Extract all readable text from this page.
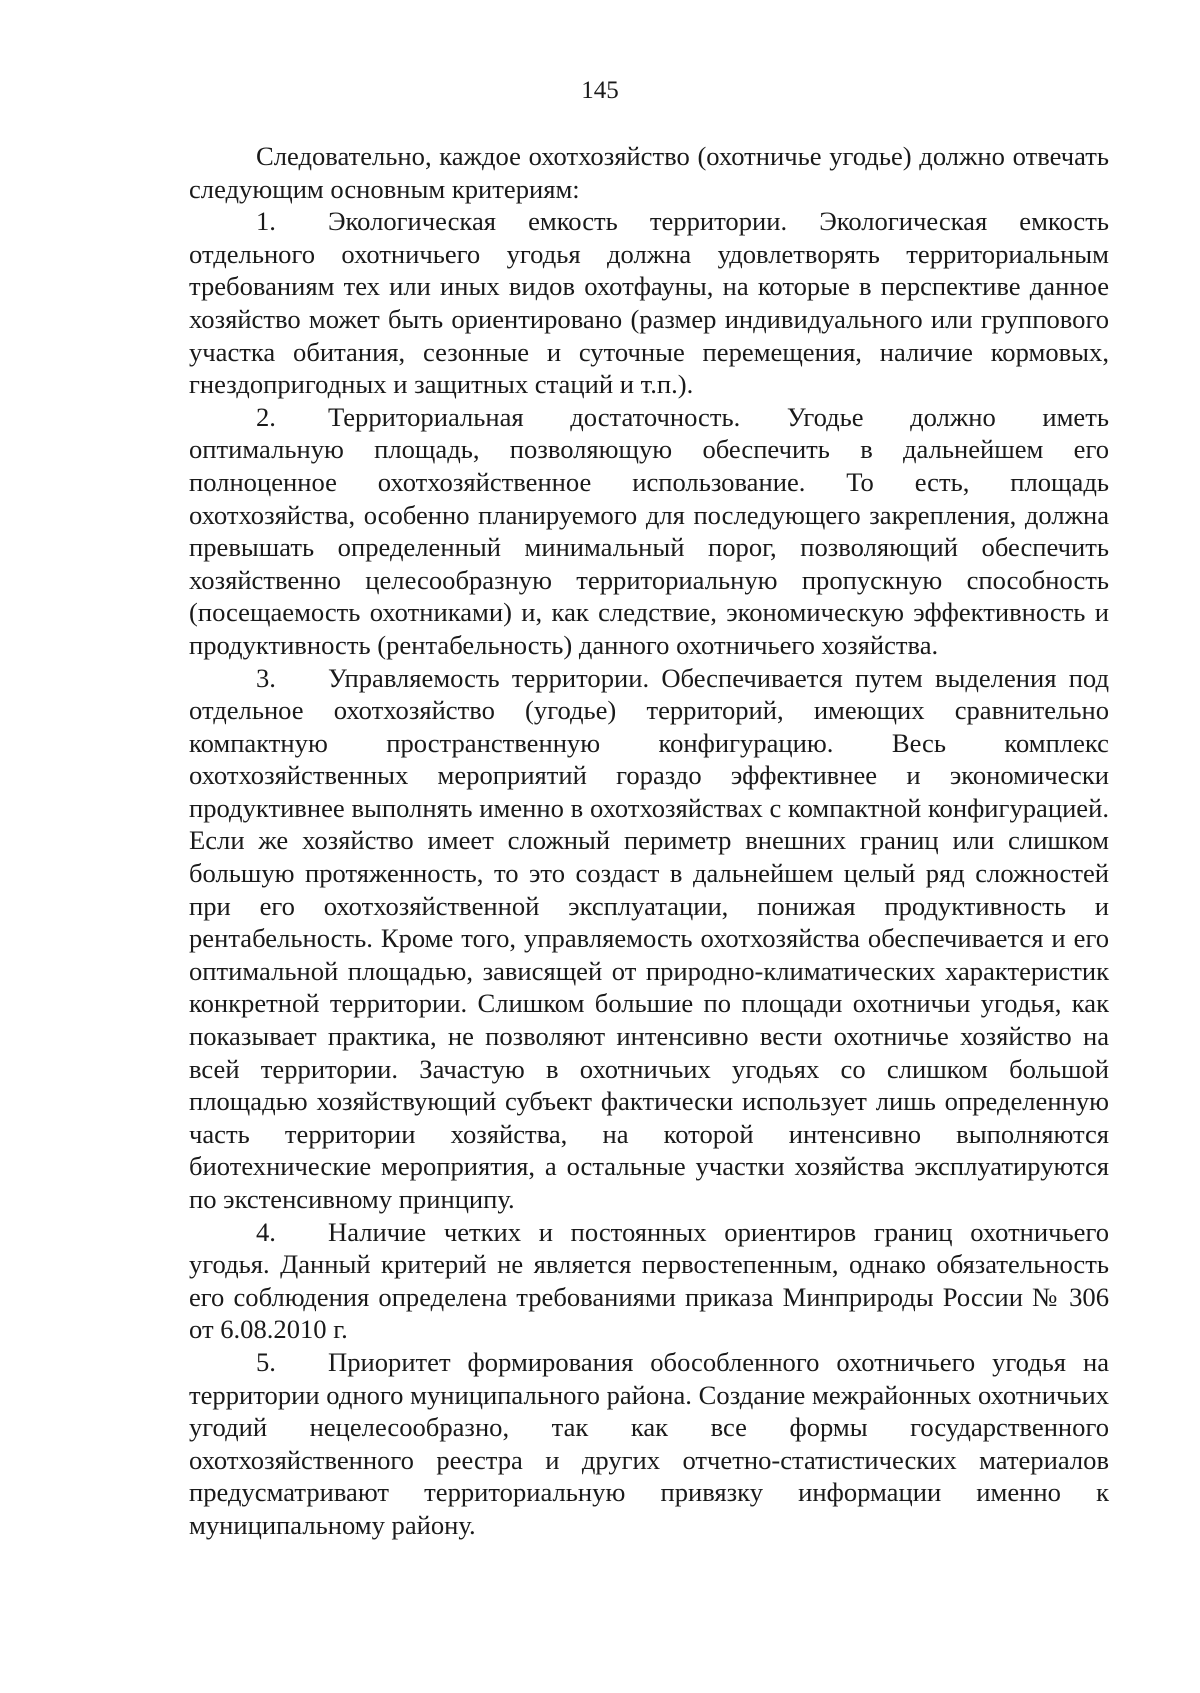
145

Следовательно, каждое охотхозяйство (охотничье угодье) должно отвечать следующим основным критериям:

1. Экологическая емкость территории. Экологическая емкость отдельного охотничьего угодья должна удовлетворять территориальным требованиям тех или иных видов охотфауны, на которые в перспективе данное хозяйство может быть ориентировано (размер индивидуального или группового участка обитания, сезонные и суточные перемещения, наличие кормовых, гнездопригодных и защитных стаций и т.п.).

2. Территориальная достаточность. Угодье должно иметь оптимальную площадь, позволяющую обеспечить в дальнейшем его полноценное охотхозяйственное использование. То есть, площадь охотхозяйства, особенно планируемого для последующего закрепления, должна превышать определенный минимальный порог, позволяющий обеспечить хозяйственно целесообразную территориальную пропускную способность (посещаемость охотниками) и, как следствие, экономическую эффективность и продуктивность (рентабельность) данного охотничьего хозяйства.

3. Управляемость территории. Обеспечивается путем выделения под отдельное охотхозяйство (угодье) территорий, имеющих сравнительно компактную пространственную конфигурацию. Весь комплекс охотхозяйственных мероприятий гораздо эффективнее и экономически продуктивнее выполнять именно в охотхозяйствах с компактной конфигурацией. Если же хозяйство имеет сложный периметр внешних границ или слишком большую протяженность, то это создаст в дальнейшем целый ряд сложностей при его охотхозяйственной эксплуатации, понижая продуктивность и рентабельность. Кроме того, управляемость охотхозяйства обеспечивается и его оптимальной площадью, зависящей от природно-климатических характеристик конкретной территории. Слишком большие по площади охотничьи угодья, как показывает практика, не позволяют интенсивно вести охотничье хозяйство на всей территории. Зачастую в охотничьих угодьях со слишком большой площадью хозяйствующий субъект фактически использует лишь определенную часть территории хозяйства, на которой интенсивно выполняются биотехнические мероприятия, а остальные участки хозяйства эксплуатируются по экстенсивному принципу.

4. Наличие четких и постоянных ориентиров границ охотничьего угодья. Данный критерий не является первостепенным, однако обязательность его соблюдения определена требованиями приказа Минприроды России № 306 от 6.08.2010 г.

5. Приоритет формирования обособленного охотничьего угодья на территории одного муниципального района. Создание межрайонных охотничьих угодий нецелесообразно, так как все формы государственного охотхозяйственного реестра и других отчетно-статистических материалов предусматривают территориальную привязку информации именно к муниципальному району.
